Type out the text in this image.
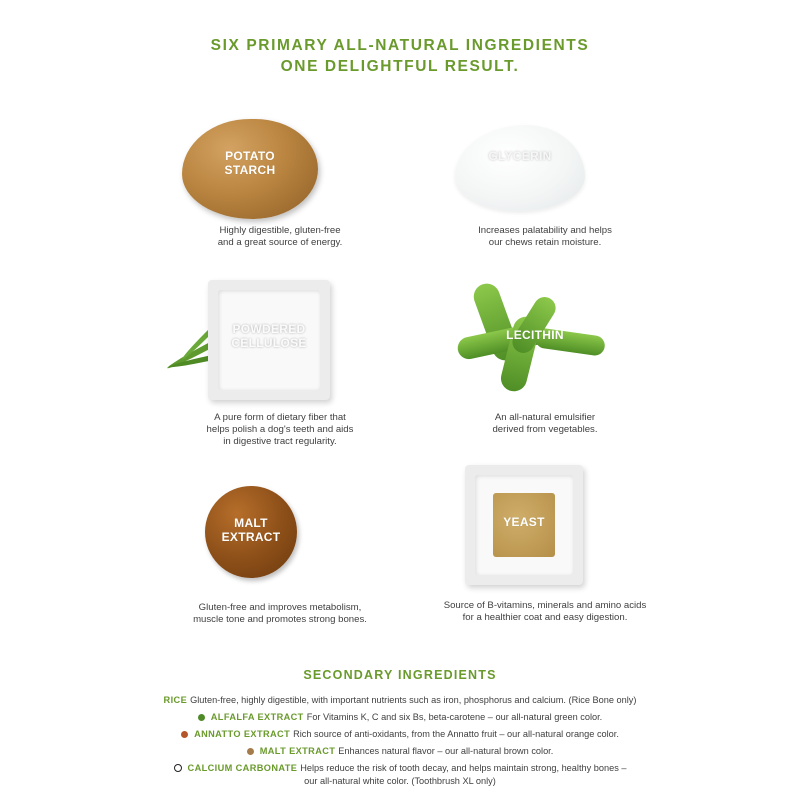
SIX PRIMARY ALL-NATURAL INGREDIENTS
ONE DELIGHTFUL RESULT.
POTATO
STARCH
Highly digestible, gluten-free
and a great source of energy.
GLYCERIN
Increases palatability and helps
our chews retain moisture.
POWDERED
CELLULOSE
A pure form of dietary fiber that
helps polish a dog's teeth and aids
in digestive tract regularity.
LECITHIN
An all-natural emulsifier
derived from vegetables.
MALT
EXTRACT
Gluten-free and improves metabolism,
muscle tone and promotes strong bones.
YEAST
Source of B-vitamins, minerals and amino acids
for a healthier coat and easy digestion.
SECONDARY INGREDIENTS
RICE Gluten-free, highly digestible, with important nutrients such as iron, phosphorus and calcium. (Rice Bone only)
ALFALFA EXTRACT For Vitamins K, C and six Bs, beta-carotene – our all-natural green color.
ANNATTO EXTRACT Rich source of anti-oxidants, from the Annatto fruit – our all-natural orange color.
MALT EXTRACT Enhances natural flavor – our all-natural brown color.
CALCIUM CARBONATE Helps reduce the risk of tooth decay, and helps maintain strong, healthy bones –
our all-natural white color. (Toothbrush XL only)
